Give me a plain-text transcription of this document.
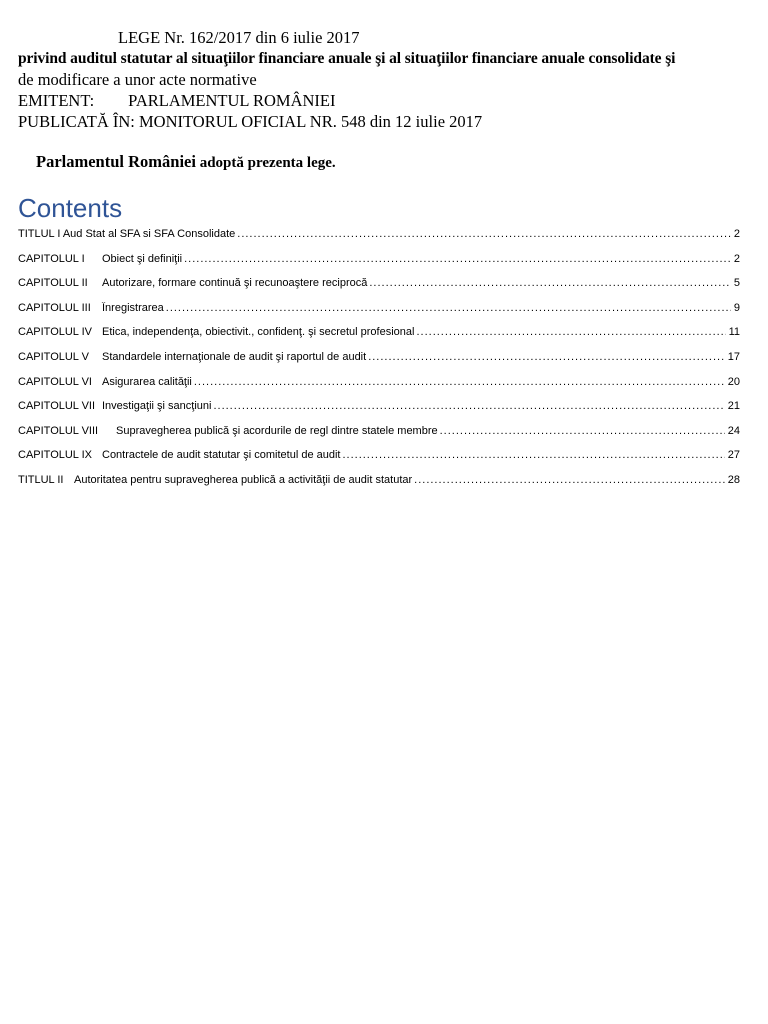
LEGE Nr. 162/2017 din 6 iulie 2017
privind auditul statutar al situaţiilor financiare anuale şi al situaţiilor financiare anuale consolidate şi
de modificare a unor acte normative
EMITENT: PARLAMENTUL ROMÂNIEI
PUBLICATĂ ÎN: MONITORUL OFICIAL NR. 548 din 12 iulie 2017
Parlamentul României adoptă prezenta lege.
Contents
TITLUL I Aud Stat al SFA si SFA Consolidate .....	2
CAPITOLUL I Obiect şi definiţii .....	2
CAPITOLUL II Autorizare, formare continuă şi recunoaştere reciprocă .....	5
CAPITOLUL III Înregistrarea .....	9
CAPITOLUL IV Etica, independenţa, obiectivit., confidenţ. şi secretul profesional .....	11
CAPITOLUL V Standardele internaţionale de audit şi raportul de audit .....	17
CAPITOLUL VI Asigurarea calităţii .....	20
CAPITOLUL VII Investigaţii şi sancţiuni .....	21
CAPITOLUL VIII Supravegherea publică şi acordurile de regl dintre statele membre .....	24
CAPITOLUL IX Contractele de audit statutar şi comitetul de audit .....	27
TITLUL II Autoritatea pentru supravegherea publică a activităţii de audit statutar .....	28
